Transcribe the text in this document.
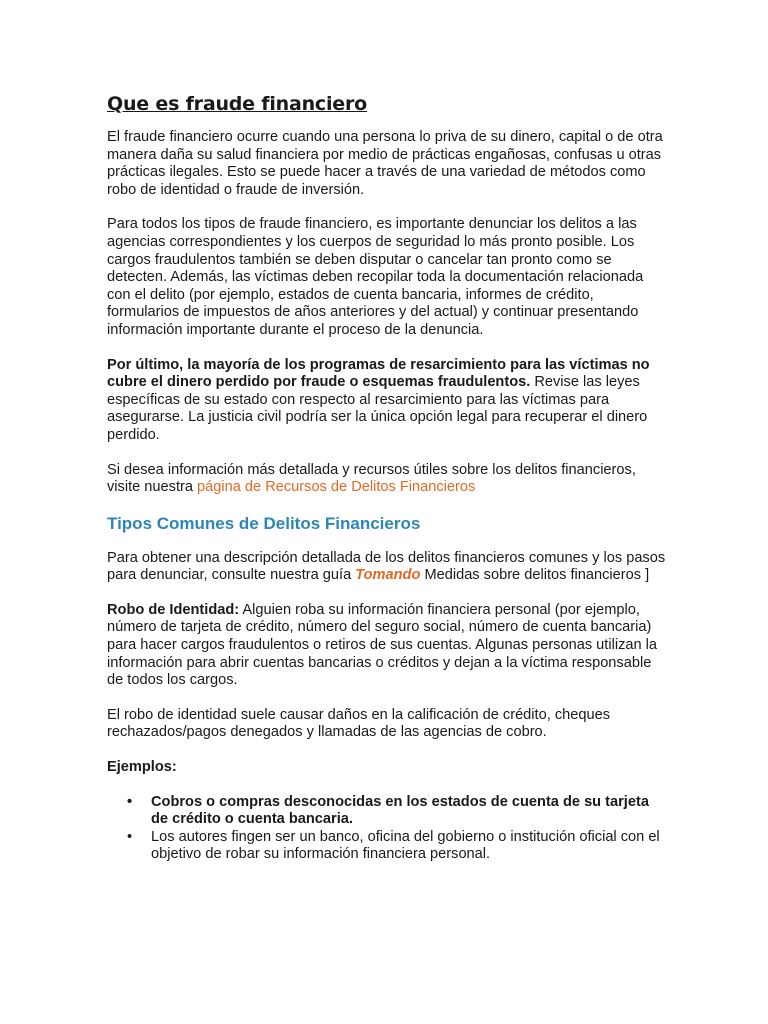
Que es fraude financiero

El fraude financiero ocurre cuando una persona lo priva de su dinero, capital o de otra manera daña su salud financiera por medio de prácticas engañosas, confusas u otras prácticas ilegales. Esto se puede hacer a través de una variedad de métodos como robo de identidad o fraude de inversión.

Para todos los tipos de fraude financiero, es importante denunciar los delitos a las agencias correspondientes y los cuerpos de seguridad lo más pronto posible. Los cargos fraudulentos también se deben disputar o cancelar tan pronto como se detecten. Además, las víctimas deben recopilar toda la documentación relacionada con el delito (por ejemplo, estados de cuenta bancaria, informes de crédito, formularios de impuestos de años anteriores y del actual) y continuar presentando información importante durante el proceso de la denuncia.

Por último, la mayoría de los programas de resarcimiento para las víctimas no cubre el dinero perdido por fraude o esquemas fraudulentos. Revise las leyes específicas de su estado con respecto al resarcimiento para las víctimas para asegurarse. La justicia civil podría ser la única opción legal para recuperar el dinero perdido.

Si desea información más detallada y recursos útiles sobre los delitos financieros, visite nuestra página de Recursos de Delitos Financieros

Tipos Comunes de Delitos Financieros

Para obtener una descripción detallada de los delitos financieros comunes y los pasos para denunciar, consulte nuestra guía Tomando Medidas sobre delitos financieros ]

Robo de Identidad: Alguien roba su información financiera personal (por ejemplo, número de tarjeta de crédito, número del seguro social, número de cuenta bancaria) para hacer cargos fraudulentos o retiros de sus cuentas. Algunas personas utilizan la información para abrir cuentas bancarias o créditos y dejan a la víctima responsable de todos los cargos.

El robo de identidad suele causar daños en la calificación de crédito, cheques rechazados/pagos denegados y llamadas de las agencias de cobro.

Ejemplos:

• Cobros o compras desconocidas en los estados de cuenta de su tarjeta de crédito o cuenta bancaria.
• Los autores fingen ser un banco, oficina del gobierno o institución oficial con el objetivo de robar su información financiera personal.
